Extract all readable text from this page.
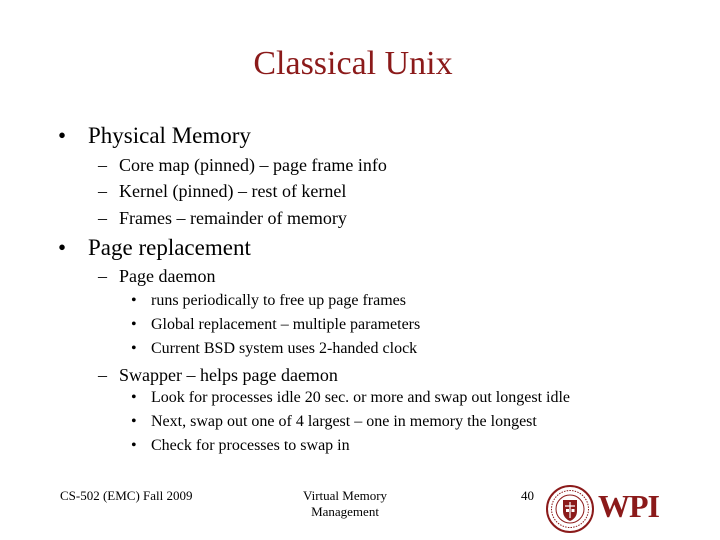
Classical Unix
• Physical Memory
– Core map (pinned) – page frame info
– Kernel (pinned) – rest of kernel
– Frames – remainder of memory
• Page replacement
– Page daemon
• runs periodically to free up page frames
• Global replacement – multiple parameters
• Current BSD system uses 2-handed clock
– Swapper – helps page daemon
• Look for processes idle 20 sec. or more and swap out longest idle
• Next, swap out one of 4 largest – one in memory the longest
• Check for processes to swap in
CS-502 (EMC) Fall 2009	Virtual Memory
Management
40 WPI
